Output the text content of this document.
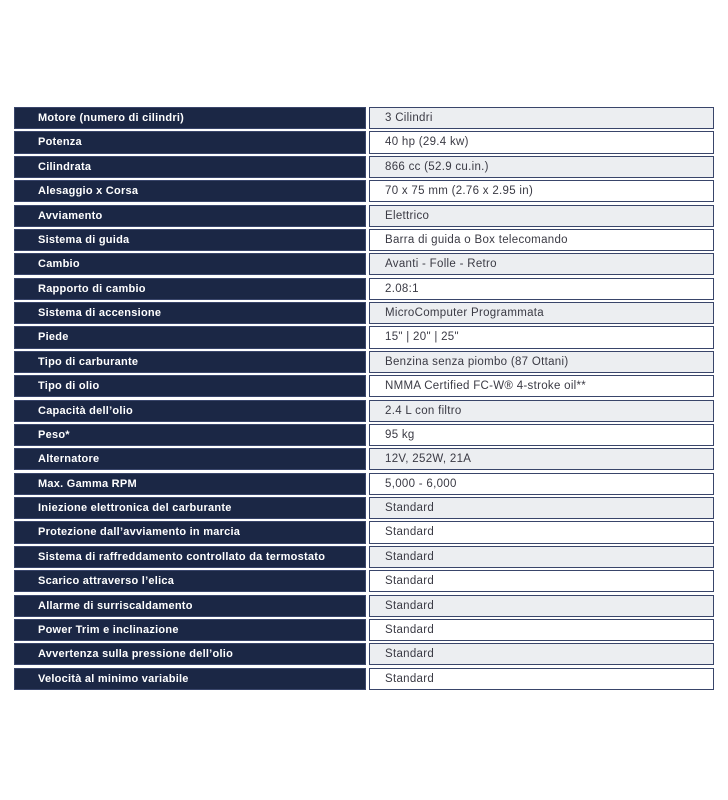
Motore (numero di cilindri)	3 Cilindri
Potenza	40 hp (29.4 kw)
Cilindrata	866 cc (52.9 cu.in.)
Alesaggio x Corsa	70 x 75 mm (2.76 x 2.95 in)
Avviamento	Elettrico
Sistema di guida	Barra di guida o Box telecomando
Cambio	Avanti - Folle - Retro
Rapporto di cambio	2.08:1
Sistema di accensione	MicroComputer Programmata
Piede	15" | 20" | 25"
Tipo di carburante	Benzina senza piombo (87 Ottani)
Tipo di olio	NMMA Certified FC-W® 4-stroke oil**
Capacità dell’olio	2.4 L con filtro
Peso*	95 kg
Alternatore	12V, 252W, 21A
Max. Gamma RPM	5,000 - 6,000
Iniezione elettronica del carburante	Standard
Protezione dall’avviamento in marcia	Standard
Sistema di raffreddamento controllato da termostato	Standard
Scarico attraverso l’elica	Standard
Allarme di surriscaldamento	Standard
Power Trim e inclinazione	Standard
Avvertenza sulla pressione dell’olio	Standard
Velocità al minimo variabile	Standard
